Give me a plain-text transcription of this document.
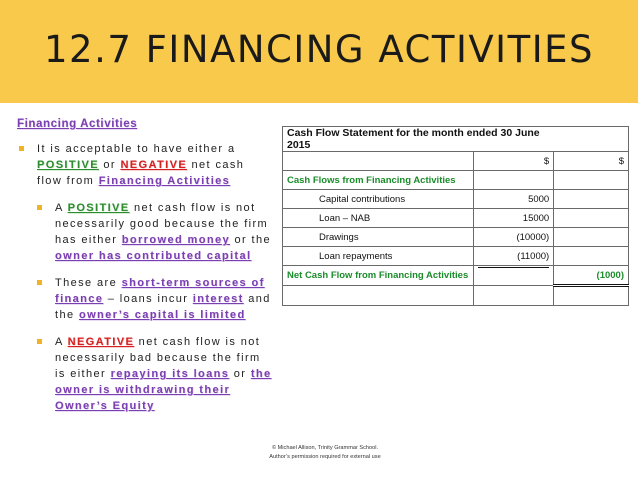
12.7 FINANCING ACTIVITIES
Financing Activities
It is acceptable to have either a POSITIVE or NEGATIVE net cash flow from Financing Activities
A POSITIVE net cash flow is not necessarily good because the firm has either borrowed money or the owner has contributed capital
These are short-term sources of finance – loans incur interest and the owner’s capital is limited
A NEGATIVE net cash flow is not necessarily bad because the firm is either repaying its loans or the owner is withdrawing their Owner’s Equity
Cash Flow Statement for the month ended 30 June 2015		
	$	$
Cash Flows from Financing Activities		
Capital contributions	5000	
Loan – NAB	15000	
Drawings	(10000)	
Loan repayments	(11000)	
Net Cash Flow from Financing Activities		(1000)

© Michael Allison, Trinity Grammar School.
Author’s permission required for external use
